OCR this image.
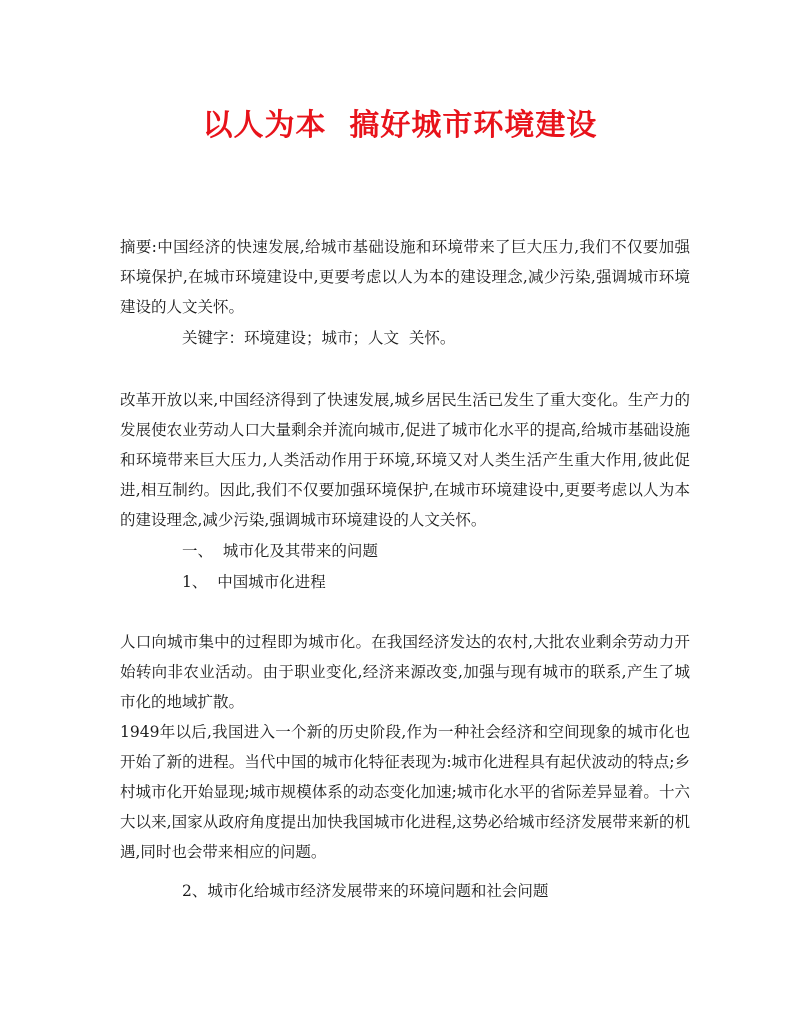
以人为本  搞好城市环境建设

摘要:中国经济的快速发展,给城市基础设施和环境带来了巨大压力,我们不仅要加强环境保护,在城市环境建设中,更要考虑以人为本的建设理念,减少污染,强调城市环境建设的人文关怀。

关键字：环境建设；城市；人文  关怀。

改革开放以来,中国经济得到了快速发展,城乡居民生活已发生了重大变化。生产力的发展使农业劳动人口大量剩余并流向城市,促进了城市化水平的提高,给城市基础设施和环境带来巨大压力,人类活动作用于环境,环境又对人类生活产生重大作用,彼此促进,相互制约。因此,我们不仅要加强环境保护,在城市环境建设中,更要考虑以人为本的建设理念,减少污染,强调城市环境建设的人文关怀。

一、  城市化及其带来的问题
1、  中国城市化进程

人口向城市集中的过程即为城市化。在我国经济发达的农村,大批农业剩余劳动力开始转向非农业活动。由于职业变化,经济来源改变,加强与现有城市的联系,产生了城市化的地域扩散。

1949年以后,我国进入一个新的历史阶段,作为一种社会经济和空间现象的城市化也开始了新的进程。当代中国的城市化特征表现为:城市化进程具有起伏波动的特点;乡村城市化开始显现;城市规模体系的动态变化加速;城市化水平的省际差异显着。十六大以来,国家从政府角度提出加快我国城市化进程,这势必给城市经济发展带来新的机遇,同时也会带来相应的问题。

2、城市化给城市经济发展带来的环境问题和社会问题
